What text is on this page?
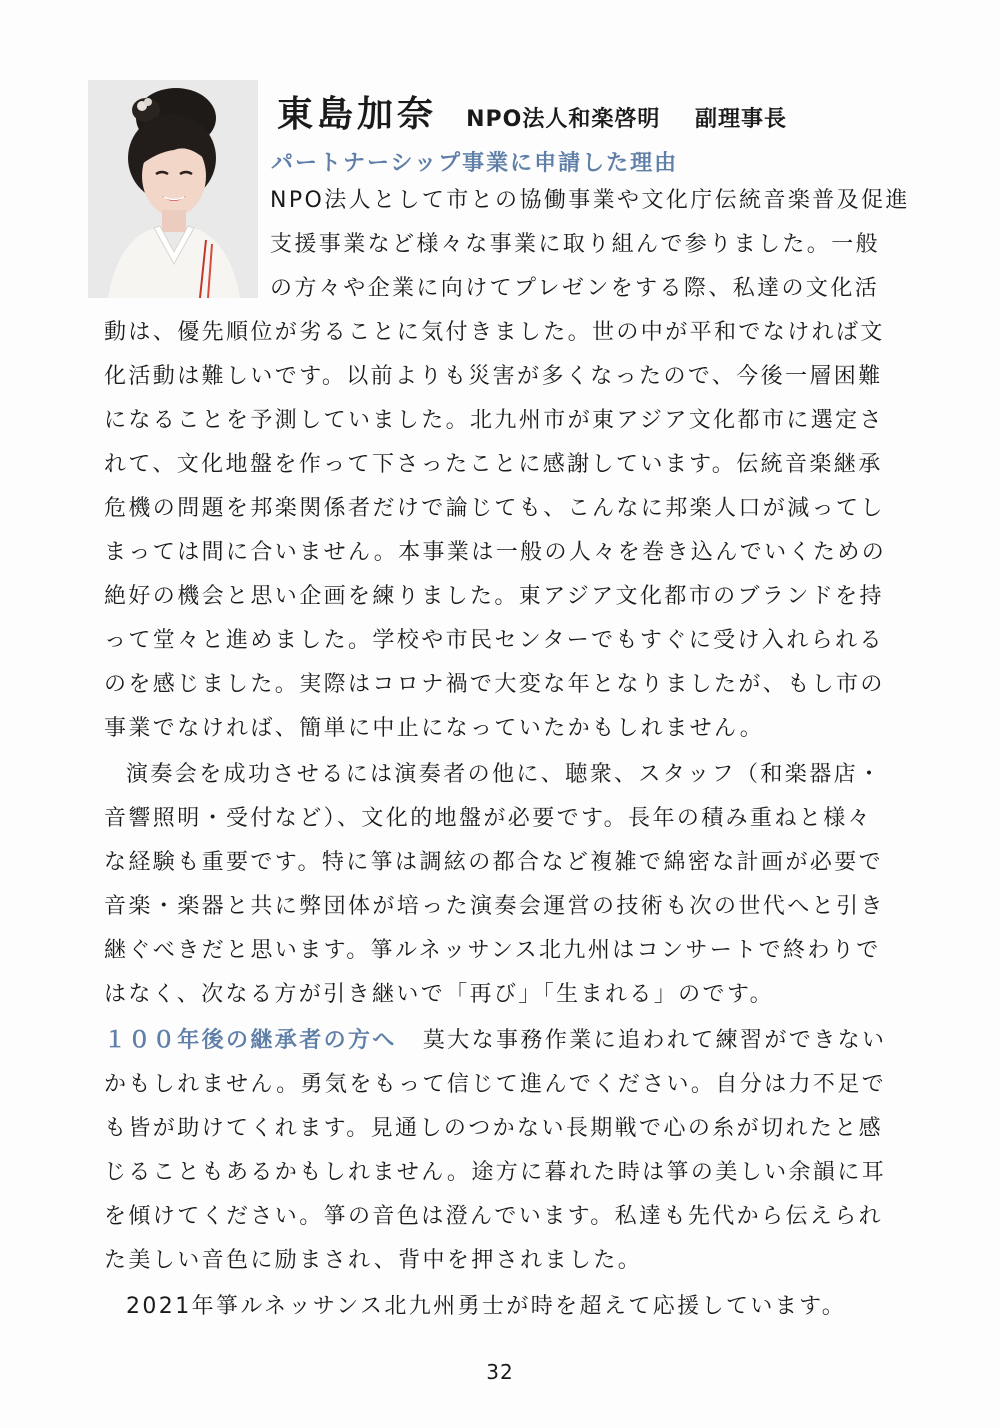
東島加奈 NPO法人和楽啓明 副理事長
パートナーシップ事業に申請した理由
NPO法人として市との協働事業や文化庁伝統音楽普及促進
支援事業など様々な事業に取り組んで参りました。一般
の方々や企業に向けてプレゼンをする際、私達の文化活
動は、優先順位が劣ることに気付きました。世の中が平和でなければ文
化活動は難しいです。以前よりも災害が多くなったので、今後一層困難
になることを予測していました。北九州市が東アジア文化都市に選定さ
れて、文化地盤を作って下さったことに感謝しています。伝統音楽継承
危機の問題を邦楽関係者だけで論じても、こんなに邦楽人口が減ってし
まっては間に合いません。本事業は一般の人々を巻き込んでいくための
絶好の機会と思い企画を練りました。東アジア文化都市のブランドを持
って堂々と進めました。学校や市民センターでもすぐに受け入れられる
のを感じました。実際はコロナ禍で大変な年となりましたが、もし市の
事業でなければ、簡単に中止になっていたかもしれません。
演奏会を成功させるには演奏者の他に、聴衆、スタッフ（和楽器店・
音響照明・受付など）、文化的地盤が必要です。長年の積み重ねと様々
な経験も重要です。特に箏は調絃の都合など複雑で綿密な計画が必要で
音楽・楽器と共に弊団体が培った演奏会運営の技術も次の世代へと引き
継ぐべきだと思います。箏ルネッサンス北九州はコンサートで終わりで
はなく、次なる方が引き継いで「再び」「生まれる」のです。
１００年後の継承者の方へ 莫大な事務作業に追われて練習ができない
かもしれません。勇気をもって信じて進んでください。自分は力不足で
も皆が助けてくれます。見通しのつかない長期戦で心の糸が切れたと感
じることもあるかもしれません。途方に暮れた時は箏の美しい余韻に耳
を傾けてください。箏の音色は澄んでいます。私達も先代から伝えられ
た美しい音色に励まされ、背中を押されました。
2021年箏ルネッサンス北九州勇士が時を超えて応援しています。
32
